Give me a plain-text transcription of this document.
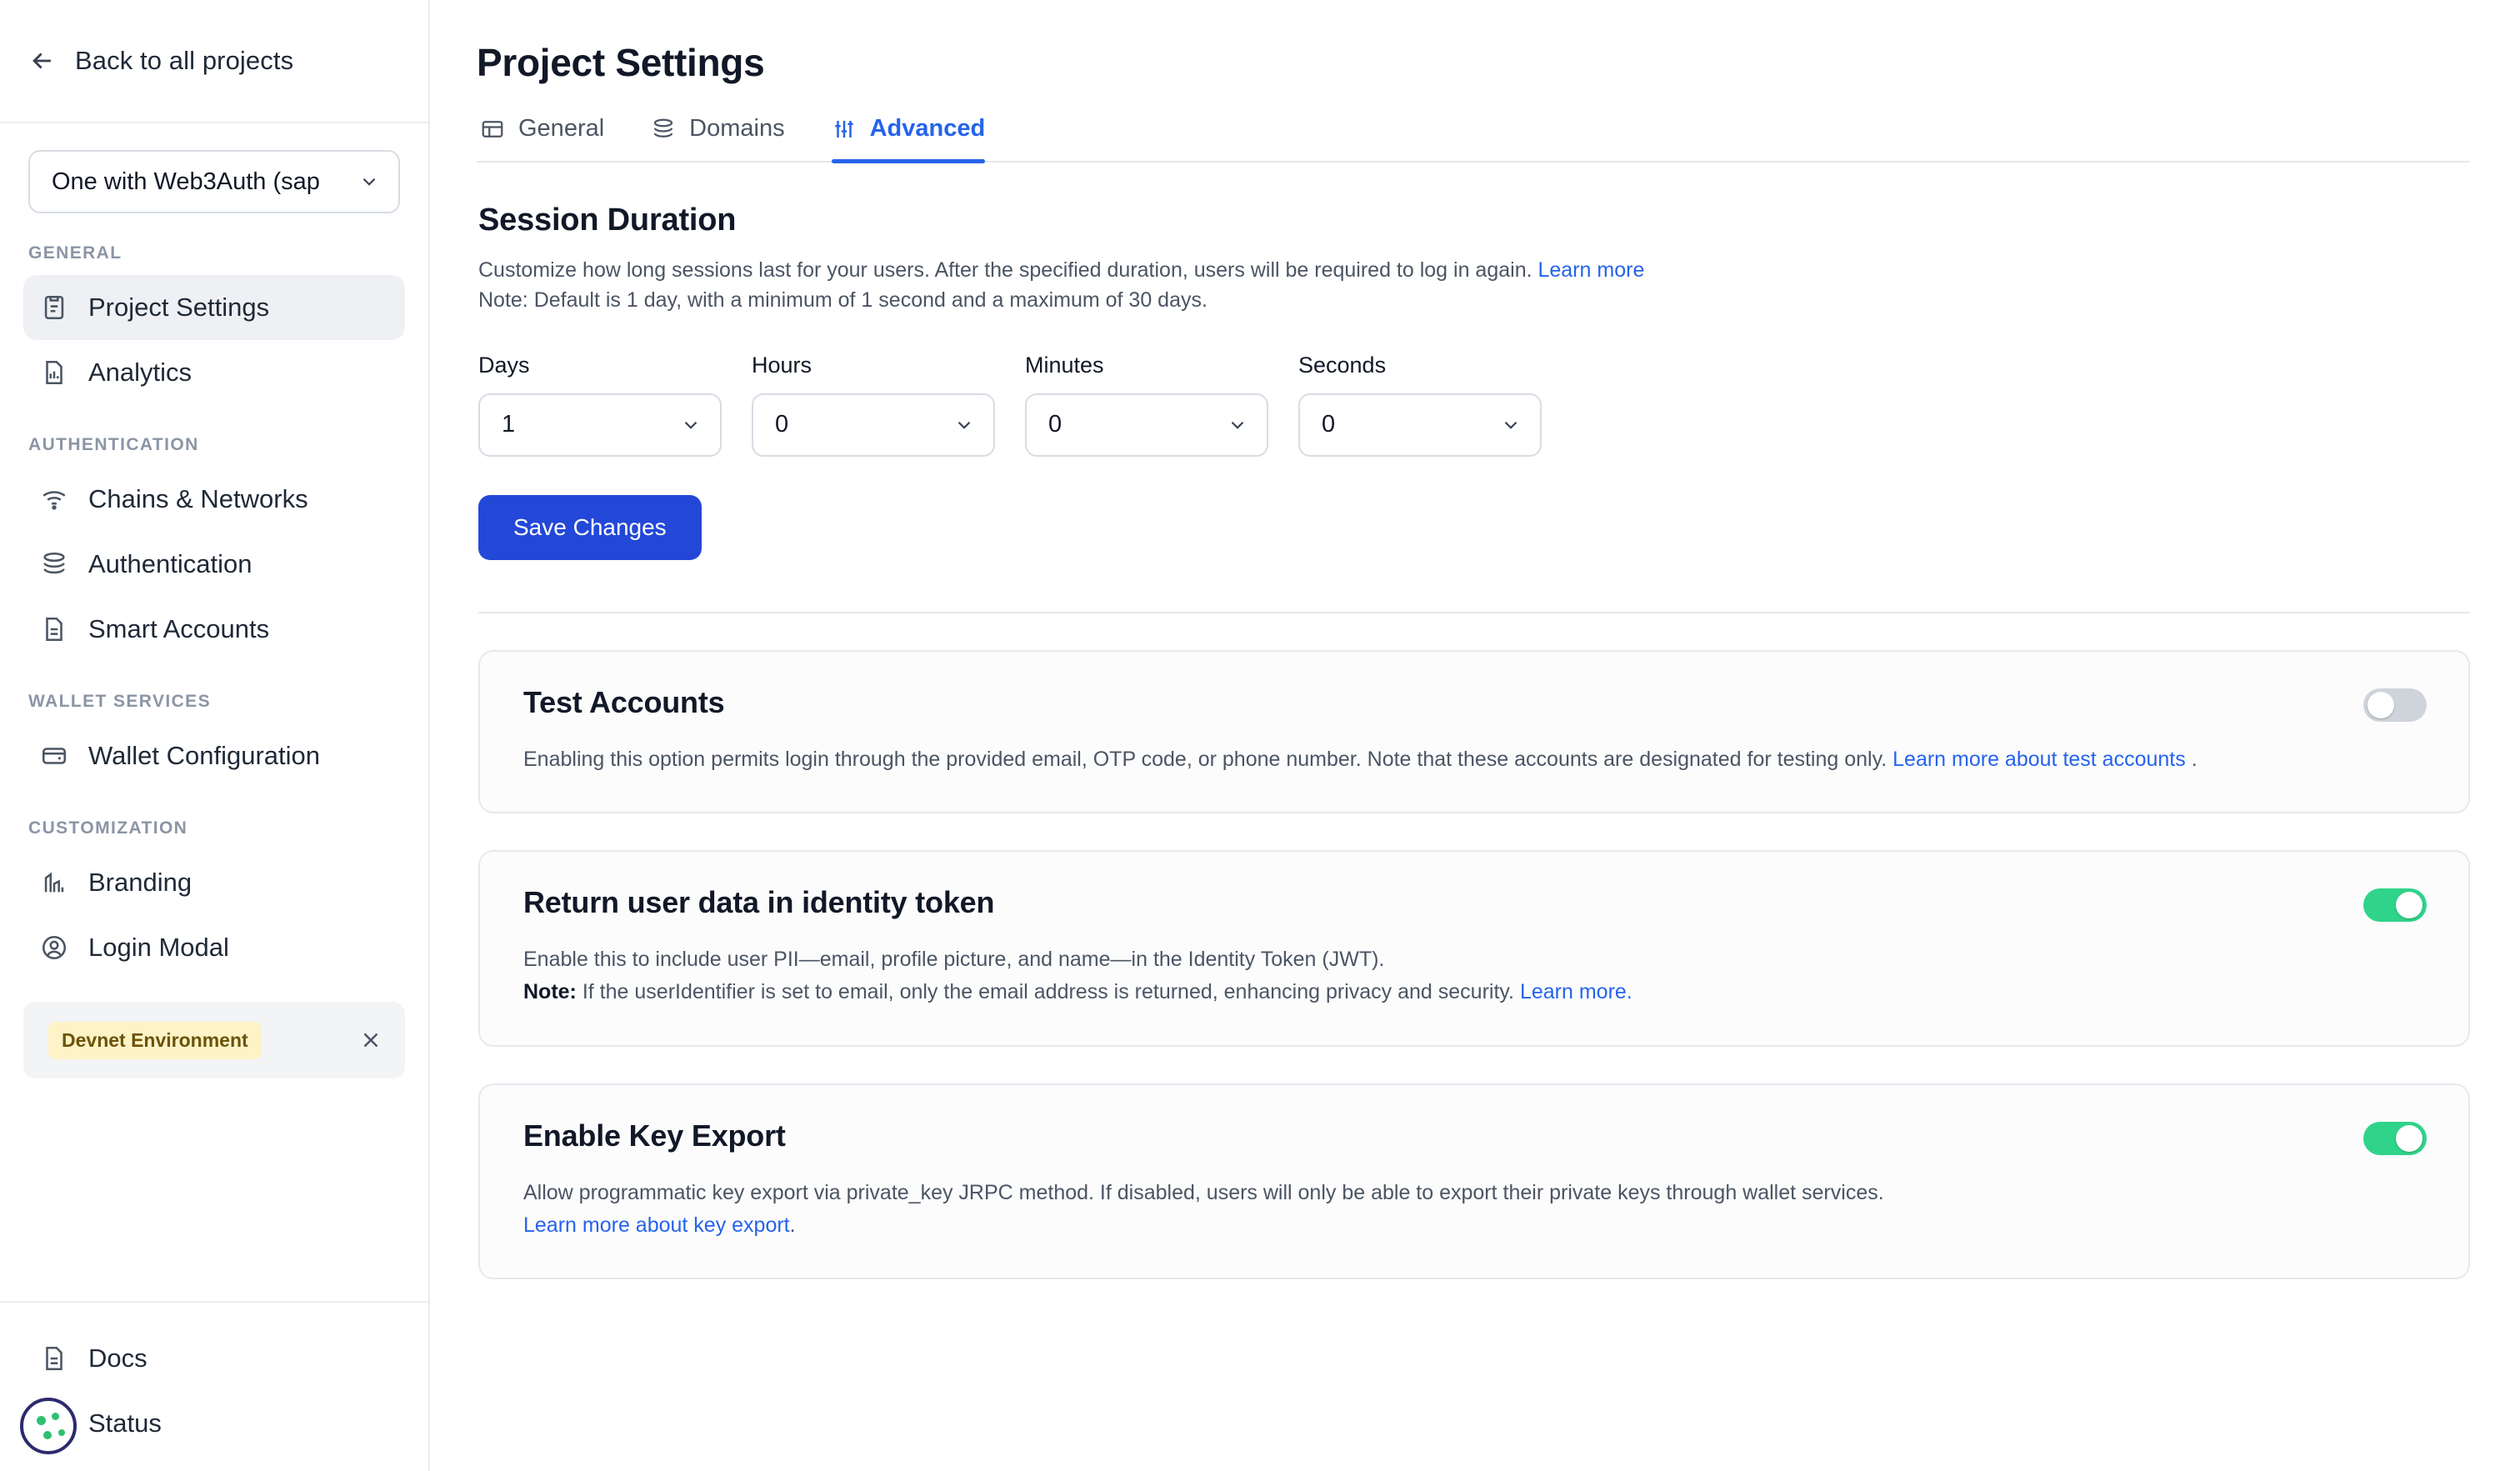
Back to all projects
One with Web3Auth (sap
GENERAL
Project Settings
Analytics
AUTHENTICATION
Chains & Networks
Authentication
Smart Accounts
WALLET SERVICES
Wallet Configuration
CUSTOMIZATION
Branding
Login Modal
Devnet Environment
Docs
Status
Project Settings
General	Domains	Advanced
Session Duration
Customize how long sessions last for your users. After the specified duration, users will be required to log in again. Learn more
Note: Default is 1 day, with a minimum of 1 second and a maximum of 30 days.
Days
1
Hours
0
Minutes
0
Seconds
0
Save Changes
Test Accounts

Enabling this option permits login through the provided email, OTP code, or phone number. Note that these accounts are designated for testing only. Learn more about test accounts .

Return user data in identity token

Enable this to include user PII—email, profile picture, and name—in the Identity Token (JWT).
Note: If the userIdentifier is set to email, only the email address is returned, enhancing privacy and security. Learn more.

Enable Key Export

Allow programmatic key export via private_key JRPC method. If disabled, users will only be able to export their private keys through wallet services.
Learn more about key export.
